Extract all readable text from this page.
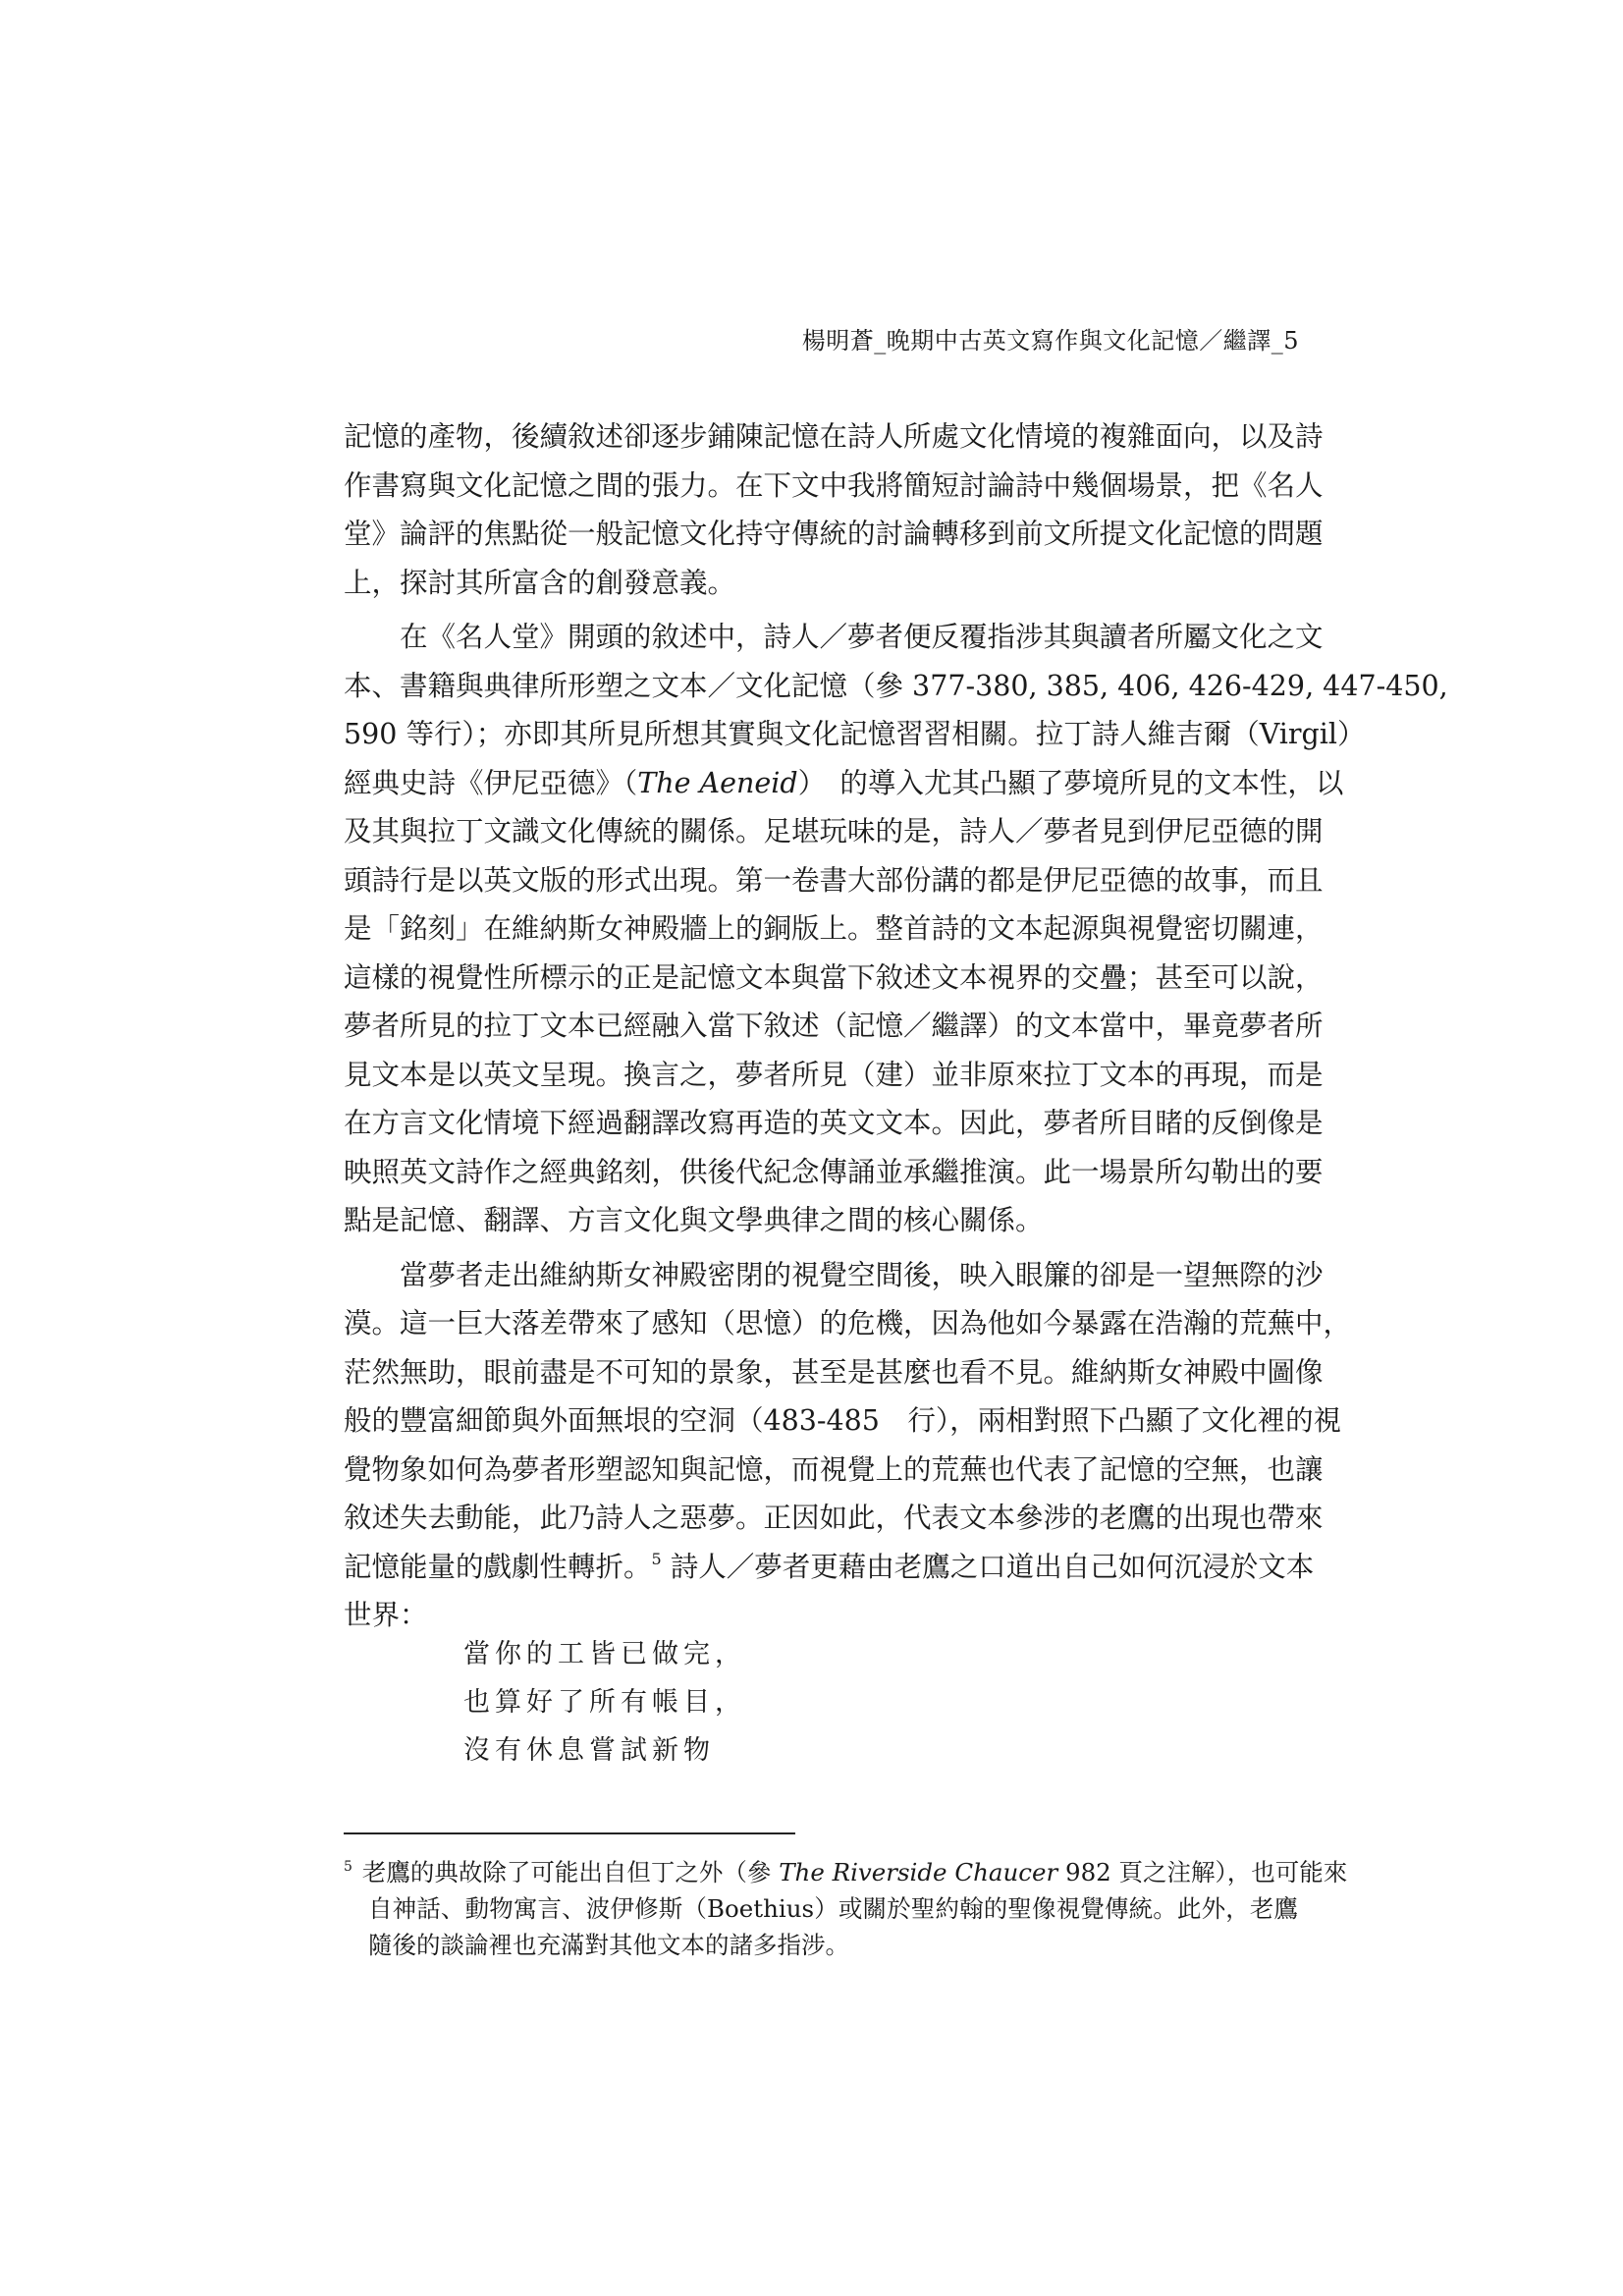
楊明蒼_晚期中古英文寫作與文化記憶／繼譯_5
記憶的產物，後續敘述卻逐步鋪陳記憶在詩人所處文化情境的複雜面向，以及詩
作書寫與文化記憶之間的張力。在下文中我將簡短討論詩中幾個場景，把《名人
堂》論評的焦點從一般記憶文化持守傳統的討論轉移到前文所提文化記憶的問題
上，探討其所富含的創發意義。
在《名人堂》開頭的敘述中，詩人／夢者便反覆指涉其與讀者所屬文化之文
本、書籍與典律所形塑之文本／文化記憶（參 377-380, 385, 406, 426-429, 447-450,
590 等行）；亦即其所見所想其實與文化記憶習習相關。拉丁詩人維吉爾（Virgil）
經典史詩《伊尼亞德》（The Aeneid）　的導入尤其凸顯了夢境所見的文本性，以
及其與拉丁文識文化傳統的關係。足堪玩味的是，詩人／夢者見到伊尼亞德的開
頭詩行是以英文版的形式出現。第一卷書大部份講的都是伊尼亞德的故事，而且
是「銘刻」在維納斯女神殿牆上的銅版上。整首詩的文本起源與視覺密切關連，
這樣的視覺性所標示的正是記憶文本與當下敘述文本視界的交疊；甚至可以說，
夢者所見的拉丁文本已經融入當下敘述（記憶／繼譯）的文本當中，畢竟夢者所
見文本是以英文呈現。換言之，夢者所見（建）並非原來拉丁文本的再現，而是
在方言文化情境下經過翻譯改寫再造的英文文本。因此，夢者所目睹的反倒像是
映照英文詩作之經典銘刻，供後代紀念傳誦並承繼推演。此一場景所勾勒出的要
點是記憶、翻譯、方言文化與文學典律之間的核心關係。
當夢者走出維納斯女神殿密閉的視覺空間後，映入眼簾的卻是一望無際的沙
漠。這一巨大落差帶來了感知（思憶）的危機，因為他如今暴露在浩瀚的荒蕪中，
茫然無助，眼前盡是不可知的景象，甚至是甚麼也看不見。維納斯女神殿中圖像
般的豐富細節與外面無垠的空洞（483-485　行），兩相對照下凸顯了文化裡的視
覺物象如何為夢者形塑認知與記憶，而視覺上的荒蕪也代表了記憶的空無，也讓
敘述失去動能，此乃詩人之惡夢。正因如此，代表文本參涉的老鷹的出現也帶來
記憶能量的戲劇性轉折。$^5$ 詩人／夢者更藉由老鷹之口道出自己如何沉浸於文本
世界：
當你的工皆已做完，
也算好了所有帳目，
沒有休息嘗試新物
$^5$ 老鷹的典故除了可能出自但丁之外（參 The Riverside Chaucer 982 頁之注解），也可能來
自神話、動物寓言、波伊修斯（Boethius）或關於聖約翰的聖像視覺傳統。此外，老鷹
隨後的談論裡也充滿對其他文本的諸多指涉。
